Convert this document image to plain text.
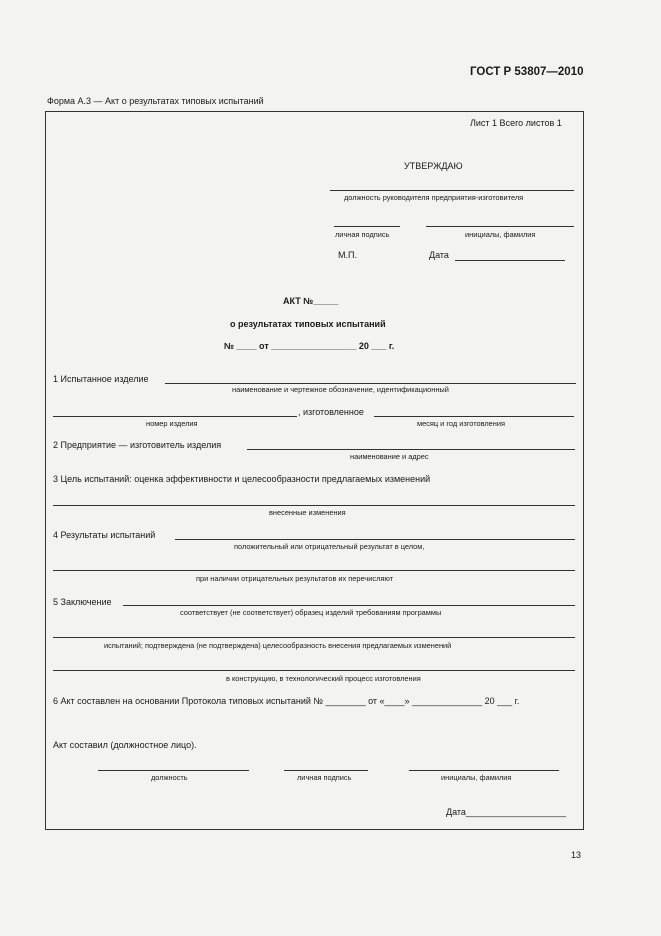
ГОСТ Р 53807—2010
Форма А.3 — Акт о результатах типовых испытаний
Лист 1 Всего листов 1
УТВЕРЖДАЮ
должность руководителя предприятия-изготовителя
личная подпись	инициалы, фамилия
М.П.	Дата
АКТ №_____
о результатах типовых испытаний
№ ____ от _________________ 20 ___ г.
1 Испытанное изделие
наименование и чертежное обозначение, идентификационный
, изготовленное
номер изделия	месяц и год изготовления
2 Предприятие — изготовитель изделия
наименование и адрес
3 Цель испытаний: оценка эффективности и целесообразности предлагаемых изменений
внесенные изменения
4 Результаты испытаний
положительный или отрицательный результат в целом,
при наличии отрицательных результатов их перечисляют
5 Заключение
соответствует (не соответствует) образец изделий требованиям программы
испытаний; подтверждена (не подтверждена) целесообразность внесения предлагаемых изменений
в конструкцию, в технологический процесс изготовления
6 Акт составлен на основании Протокола типовых испытаний № ________ от «____» ______________ 20 ___ г.
Акт составил (должностное лицо).
должность	личная подпись	инициалы, фамилия
Дата____________________
13
